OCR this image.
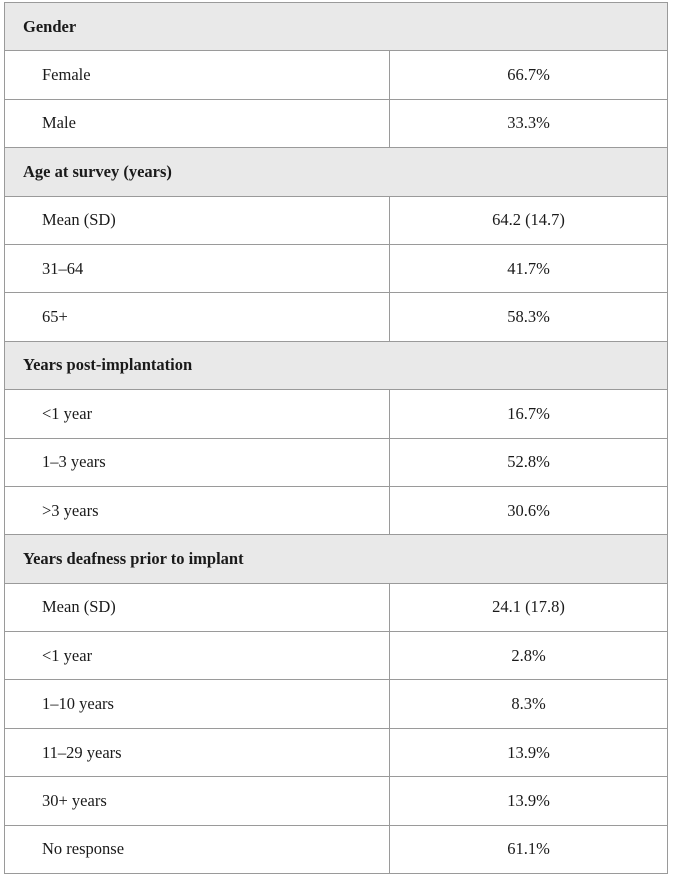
Gender	
Female	66.7%
Male	33.3%
Age at survey (years)	
Mean (SD)	64.2 (14.7)
31–64	41.7%
65+	58.3%
Years post-implantation	
<1 year	16.7%
1–3 years	52.8%
>3 years	30.6%
Years deafness prior to implant	
Mean (SD)	24.1 (17.8)
<1 year	2.8%
1–10 years	8.3%
11–29 years	13.9%
30+ years	13.9%
No response	61.1%
